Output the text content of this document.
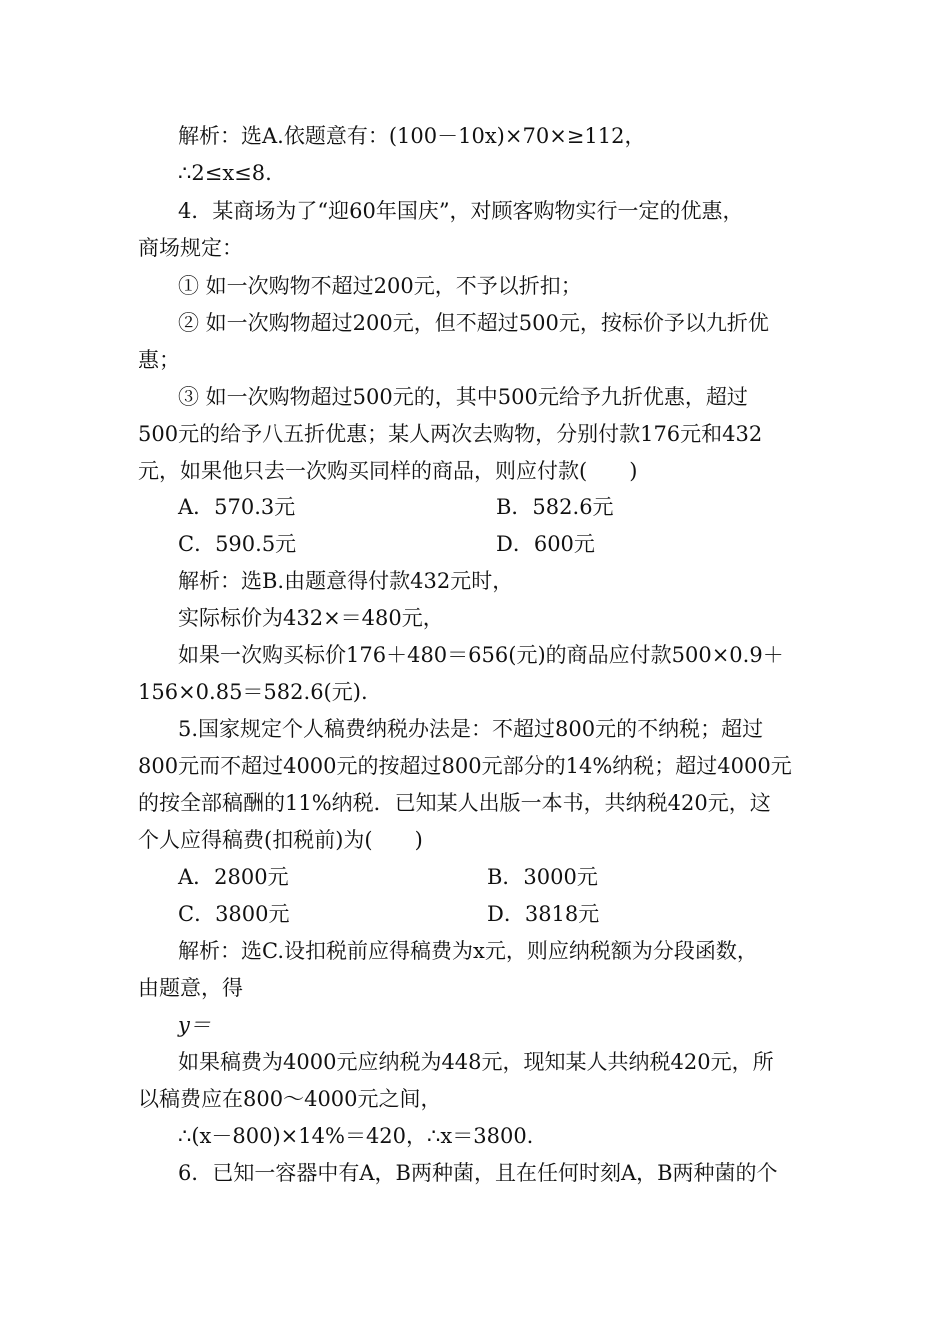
解析：选A.依题意有：(100－10x)×70×≥112，
∴2≤x≤8.
4．某商场为了“迎60年国庆”，对顾客购物实行一定的优惠，
商场规定：
① 如一次购物不超过200元，不予以折扣；
② 如一次购物超过200元，但不超过500元，按标价予以九折优
惠；
③ 如一次购物超过500元的，其中500元给予九折优惠，超过
500元的给予八五折优惠；某人两次去购物，分别付款176元和432
元，如果他只去一次购买同样的商品，则应付款(　　)
A．570.3元	B．582.6元
C．590.5元	D．600元
解析：选B.由题意得付款432元时，
实际标价为432×＝480元，
如果一次购买标价176＋480＝656(元)的商品应付款500×0.9＋
156×0.85＝582.6(元).
5.国家规定个人稿费纳税办法是：不超过800元的不纳税；超过
800元而不超过4000元的按超过800元部分的14%纳税；超过4000元
的按全部稿酬的11%纳税．已知某人出版一本书，共纳税420元，这
个人应得稿费(扣税前)为(　　)
A．2800元	B．3000元
C．3800元	D．3818元
解析：选C.设扣税前应得稿费为x元，则应纳税额为分段函数，
由题意，得
y＝
如果稿费为4000元应纳税为448元，现知某人共纳税420元，所
以稿费应在800～4000元之间，
∴(x－800)×14%＝420，∴x＝3800.
6．已知一容器中有A，B两种菌，且在任何时刻A，B两种菌的个
